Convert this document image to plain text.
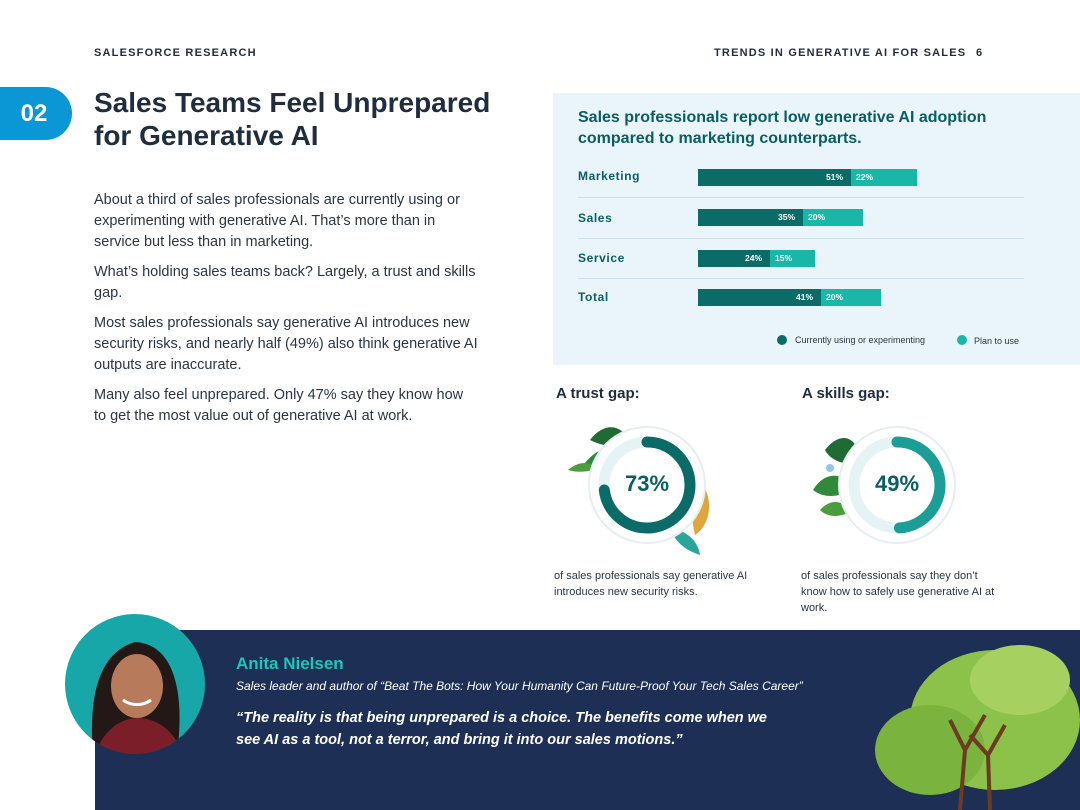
SALESFORCE RESEARCH	TRENDS IN GENERATIVE AI FOR SALES 6
02 Sales Teams Feel Unprepared for Generative AI

About a third of sales professionals are currently using or experimenting with generative AI. That’s more than in service but less than in marketing.

What’s holding sales teams back? Largely, a trust and skills gap.

Most sales professionals say generative AI introduces new security risks, and nearly half (49%) also think generative AI outputs are inaccurate.

Many also feel unprepared. Only 47% say they know how to get the most value out of generative AI at work.

Sales professionals report low generative AI adoption compared to marketing counterparts.
Marketing
Sales
Service
Total
51% 22%
35% 20%
24% 15%
41% 20%
Currently using or experimenting	Plan to use
A trust gap:
73%
of sales professionals say generative AI introduces new security risks.
A skills gap:
49%
of sales professionals say they don’t know how to safely use generative AI at work.
Anita Nielsen
Sales leader and author of “Beat The Bots: How Your Humanity Can Future-Proof Your Tech Sales Career”
“The reality is that being unprepared is a choice. The benefits come when we see AI as a tool, not a terror, and bring it into our sales motions.”
大数跨境
